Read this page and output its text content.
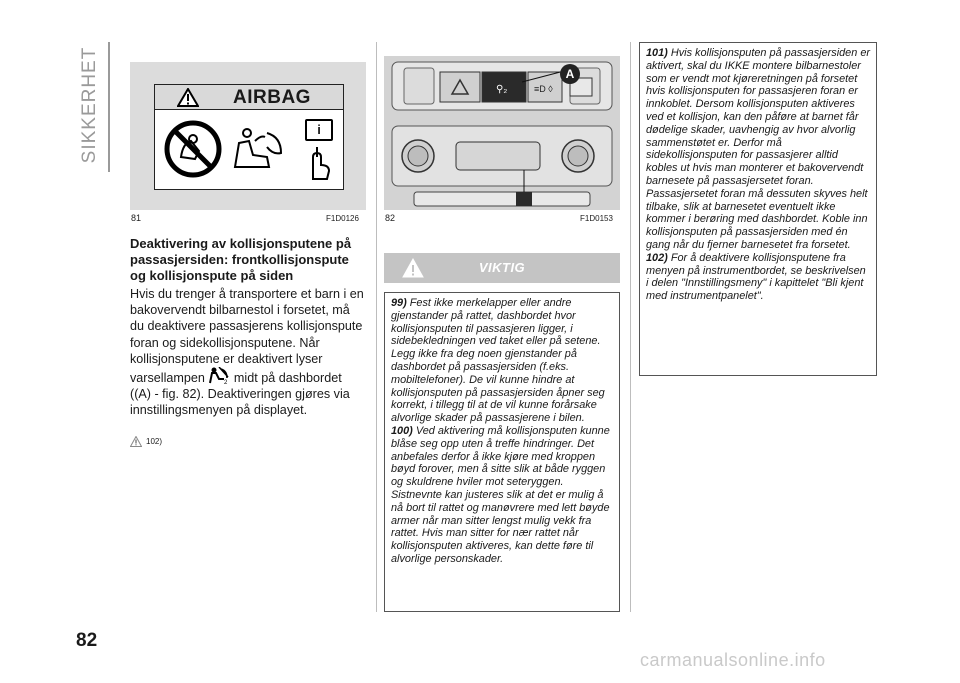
SIKKERHET	AIRBAG
i
81	F1D0126
Deaktivering av kollisjonsputene på passasjersiden: frontkollisjonspute og kollisjonspute på siden
Hvis du trenger å transportere et barn i en bakovervendt bilbarnestol i forsetet, må du deaktivere passasjerens kollisjonspute foran og sidekollisjonsputene. Når kollisjonsputene er deaktivert lyser varsellampen	2 midt på dashbordet ((A) - fig. 82). Deaktiveringen gjøres via innstillingsmenyen på displayet.
102)
⚲₂	≡D ◊
A
82	F1D0153
VIKTIG

99) Fest ikke merkelapper eller andre gjenstander på rattet, dashbordet hvor kollisjonsputen til passasjeren ligger, i sidebekledningen ved taket eller på setene. Legg ikke fra deg noen gjenstander på dashbordet på passasjersiden (f.eks. mobiltelefoner). De vil kunne hindre at kollisjonsputen på passasjersiden åpner seg korrekt, i tillegg til at de vil kunne forårsake alvorlige skader på passasjerene i bilen.

100) Ved aktivering må kollisjonsputen kunne blåse seg opp uten å treffe hindringer. Det anbefales derfor å ikke kjøre med kroppen bøyd forover, men å sitte slik at både ryggen og skuldrene hviler mot seteryggen. Sistnevnte kan justeres slik at det er mulig å nå bort til rattet og manøvrere med lett bøyde armer når man sitter lengst mulig vekk fra rattet. Hvis man sitter for nær rattet når kollisjonsputen aktiveres, kan dette føre til alvorlige personskader.

101) Hvis kollisjonsputen på passasjersiden er aktivert, skal du IKKE montere bilbarnestoler som er vendt mot kjøreretningen på forsetet hvis kollisjonsputen for passasjeren foran er innkoblet. Dersom kollisjonsputen aktiveres ved et kollisjon, kan den påføre at barnet får dødelige skader, uavhengig av hvor alvorlig sammenstøtet er. Derfor må sidekollisjonsputen for passasjerer alltid kobles ut hvis man monterer et bakovervendt barnesete på passasjersetet foran. Passasjersetet foran må dessuten skyves helt tilbake, slik at barnesetet eventuelt ikke kommer i berøring med dashbordet. Koble inn kollisjonsputen på passasjersiden med én gang når du fjerner barnesetet fra forsetet.

102) For å deaktivere kollisjonsputene fra menyen på instrumentbordet, se beskrivelsen i delen "Innstillingsmeny" i kapittelet "Bli kjent med instrumentpanelet".

82
carmanualsonline.info
